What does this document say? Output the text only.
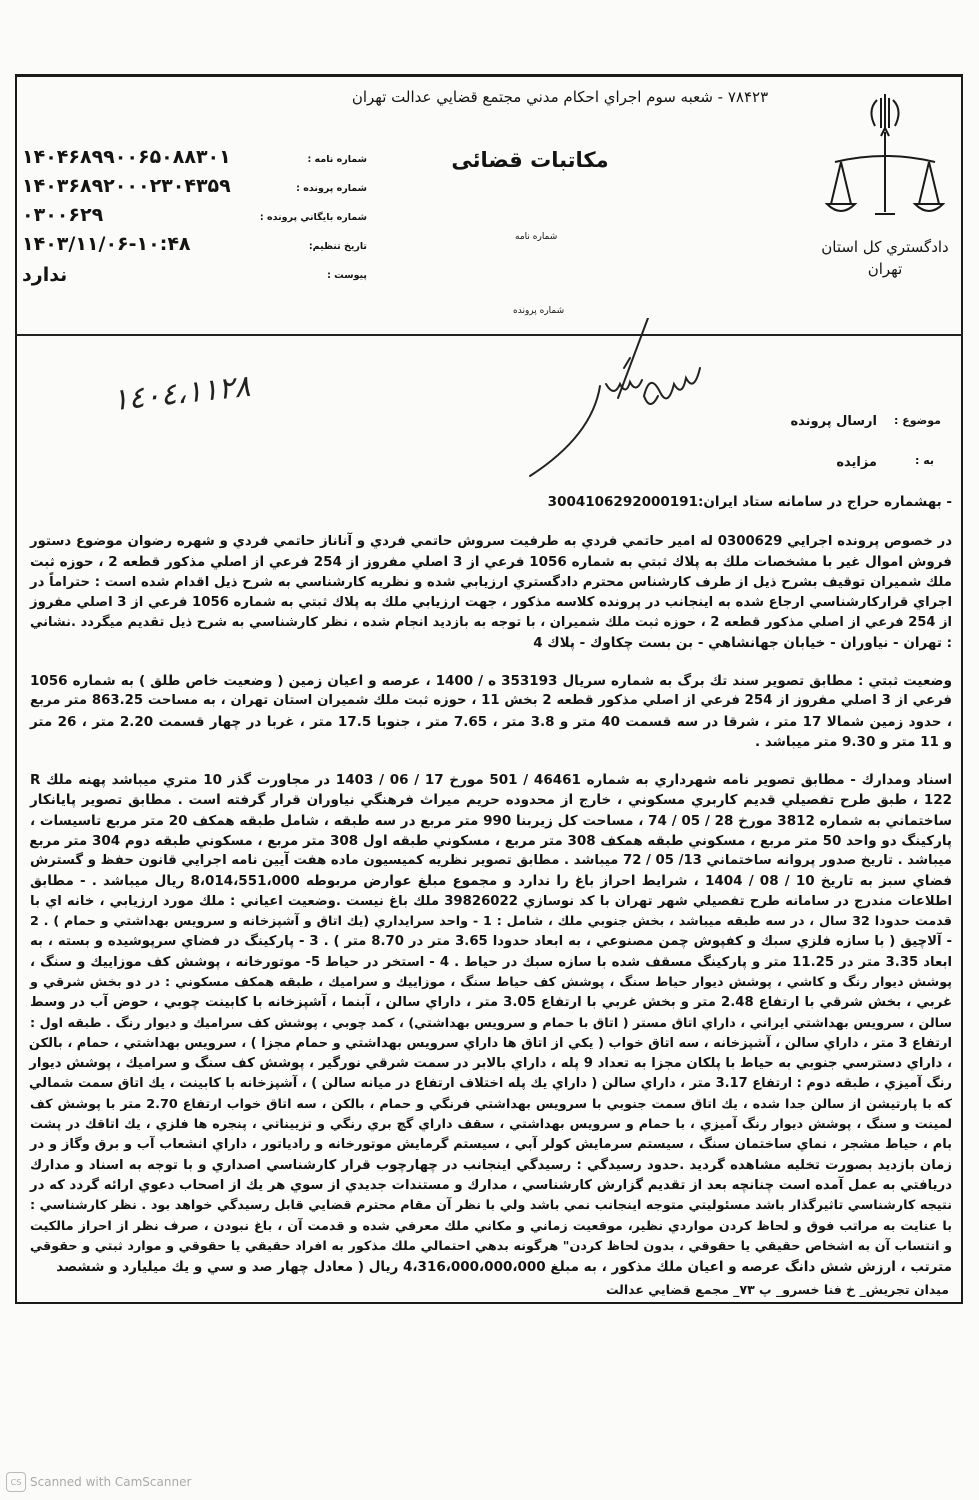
۷۸۴۲۳ - شعبه سوم اجراي احكام مدني مجتمع قضايي عدالت تهران
مكاتبات قضائی
دادگستري كل استان
تهران
شماره نامه
شماره پرونده
شماره نامه :
۱۴۰۴۶۸۹۹۰۰۶۵۰۸۸۳۰۱
شماره پرونده :
۱۴۰۳۶۸۹۲۰۰۰۲۳۰۴۳۵۹
شماره بايگاني پرونده :
۰۳۰۰۶۲۹
تاريخ تنظيم:
۱۴۰۳/۱۱/۰۶-۱۰:۴۸
پيوست :
ندارد
١٤٠٤،١١٢٨
موضوع :
ارسال پرونده
به :
مزايده
- بهشماره حراج در سامانه ستاد ايران:3004106292000191
در خصوص پرونده اجرايي 0300629 له امير حاتمي فردي به طرفيت سروش حاتمي فردي و آناناز حاتمي فردي و شهره رضوان موضوع دستور
فروش اموال غير با مشخصات ملك به پلاك ثبتي به شماره 1056 فرعي از 3 اصلي مفروز از 254 فرعي از اصلي مذكور قطعه 2 ، حوزه ثبت
ملك شميران توقيف بشرح ذيل از طرف كارشناس محترم دادگستري ارزيابي شده و نظريه كارشناسي به شرح ذيل اقدام شده است : حتراماً در
اجراي قراركارشناسي ارجاع شده به اينجانب در پرونده كلاسه مذكور ، جهت ارزيابي ملك به پلاك ثبتي به شماره 1056 فرعي از 3 اصلي مفروز
از 254 فرعي از اصلي مذكور قطعه 2 ، حوزه ثبت ملك شميران ، با توجه به بازديد انجام شده ، نظر كارشناسي به شرح ذيل تقديم ميگردد .نشاني
: تهران - نياوران - خيابان جهانشاهي - بن بست چكاوك - پلاك 4
وضعيت ثبتي : مطابق تصوير سند تك برگ به شماره سريال 353193 ه / 1400 ، عرصه و اعيان زمين ( وضعيت خاص طلق ) به شماره 1056
فرعي از 3 اصلي مفروز از 254 فرعي از اصلي مذكور قطعه 2 بخش 11 ، حوزه ثبت ملك شميران استان تهران ، به مساحت 863.25 متر مربع
، حدود زمين شمالا 17 متر ، شرقا در سه قسمت 40 متر و 3.8 متر ، 7.65 متر ، جنوبا 17.5 متر ، غربا در چهار قسمت 2.20 متر ، 26 متر
و 11 متر و 9.30 متر ميباشد .
اسناد ومدارك - مطابق تصوير نامه شهرداري به شماره 46461 / 501 مورخ 17 / 06 / 1403 در مجاورت گذر 10 متري ميباشد پهنه ملك R
122 ، طبق طرح تفصيلي قديم كاربري مسكوني ، خارج از محدوده حريم ميراث فرهنگي نياوران قرار گرفته است . مطابق تصوير پايانكار
ساختماني به شماره 3812 مورخ 28 / 05 / 74 ، مساحت كل زيربنا 990 متر مربع در سه طبقه ، شامل طبقه همكف 20 متر مربع تاسيسات ،
پاركينگ دو واحد 50 متر مربع ، مسكوني طبقه همكف 308 متر مربع ، مسكوني طبقه اول 308 متر مربع ، مسكوني طبقه دوم 304 متر مربع
ميباشد . تاريخ صدور پروانه ساختماني 13/ 05 / 72 ميباشد . مطابق تصوير نظريه كميسيون ماده هفت آيين نامه اجرايي قانون حفظ و گسترش
فضاي سبز به تاريخ 10 / 08 / 1404 ، شرايط احراز باغ را ندارد و مجموع مبلغ عوارض مربوطه 8،014،551،000 ريال ميباشد . - مطابق
اطلاعات مندرج در سامانه طرح تفصيلي شهر تهران با كد نوسازي 39826022 ملك باغ نيست .وضعيت اعياني : ملك مورد ارزيابي ، خانه اي با
قدمت حدودا 32 سال ، در سه طبقه ميباشد ، بخش جنوبي ملك ، شامل : 1 - واحد سرايداري (يك اتاق و آشپزخانه و سرويس بهداشتي و حمام ) . 2
- آلاچيق ( با سازه فلزي سبك و كفپوش چمن مصنوعي ، به ابعاد حدودا 3.65 متر در 8.70 متر ) . 3 - پاركينگ در فضاي سرپوشيده و بسته ، به
ابعاد 3.35 متر در 11.25 متر و پاركينگ مسقف شده با سازه سبك در حياط . 4 - استخر در حياط 5- موتورخانه ، پوشش كف موزاييك و سنگ ،
پوشش ديوار رنگ و كاشي ، پوشش ديوار حياط سنگ ، پوشش كف حياط سنگ ، موزاييك و سراميك ، طبقه همكف مسكوني : در دو بخش شرقي و
غربي ، بخش شرقي با ارتفاع 2.48 متر و بخش غربي با ارتفاع 3.05 متر ، داراي سالن ، آبنما ، آشپزخانه با كابينت چوبي ، حوض آب در وسط
سالن ، سرويس بهداشتي ايراني ، داراي اتاق مستر ( اتاق با حمام و سرويس بهداشتي) ، كمد چوبي ، پوشش كف سراميك و ديوار رنگ . طبقه اول :
ارتفاع 3 متر ، داراي سالن ، آشپزخانه ، سه اتاق خواب ( يكي از اتاق ها داراي سرويس بهداشتي و حمام مجزا ) ، سرويس بهداشتي ، حمام ، بالكن
، داراي دسترسي جنوبي به حياط با پلكان مجزا به تعداد 9 پله ، داراي بالابر در سمت شرقي نورگير ، پوشش كف سنگ و سراميك ، پوشش ديوار
رنگ آميزي ، طبقه دوم : ارتفاع 3.17 متر ، داراي سالن ( داراي يك پله اختلاف ارتفاع در ميانه سالن ) ، آشپزخانه با كابينت ، يك اتاق سمت شمالي
كه با پارتيشن از سالن جدا شده ، يك اتاق سمت جنوبي با سرويس بهداشتي فرنگي و حمام ، بالكن ، سه اتاق خواب ارتفاع 2.70 متر با پوشش كف
لمينت و سنگ ، پوشش ديوار رنگ آميزي ، با حمام و سرويس بهداشتي ، سقف داراي گچ بري رنگي و تزييناتي ، پنجره ها فلزي ، يك اتاقك در پشت
بام ، حياط مشجر ، نماي ساختمان سنگ ، سيستم سرمايش كولر آبي ، سيستم گرمايش موتورخانه و رادياتور ، داراي انشعاب آب و برق وگاز و در
زمان بازديد بصورت تخليه مشاهده گرديد .حدود رسيدگي : رسيدگي اينجانب در چهارچوب قرار كارشناسي اصداري و با توجه به اسناد و مدارك
دريافتي به عمل آمده است چنانچه بعد از تقديم گزارش كارشناسي ، مدارك و مستندات جديدي از سوي هر يك از اصحاب دعوي ارائه گردد كه در
نتيجه كارشناسي تاثيرگذار باشد مسئوليتي متوجه اينجانب نمي باشد ولي با نظر آن مقام محترم قضايي قابل رسيدگي خواهد بود . نظر كارشناسي :
با عنايت به مراتب فوق و لحاظ كردن مواردي نظير، موقعيت زماني و مكاني ملك معرفي شده و قدمت آن ، باغ نبودن ، صرف نظر از احراز مالكيت
و انتساب آن به اشخاص حقيقي يا حقوقي ، بدون لحاظ كردن" هرگونه بدهي احتمالي ملك مذكور به افراد حقيقي يا حقوقي و موارد ثبتي و حقوقي
مترتب ، ارزش شش دانگ عرصه و اعيان ملك مذكور ، به مبلغ 4،316،000،000،000 ريال ( معادل چهار صد و سي و يك ميليارد و ششصد
ميدان تجريش_ خ فنا خسرو_ پ ۷۳_ مجمع قضايي عدالت
CS Scanned with CamScanner
